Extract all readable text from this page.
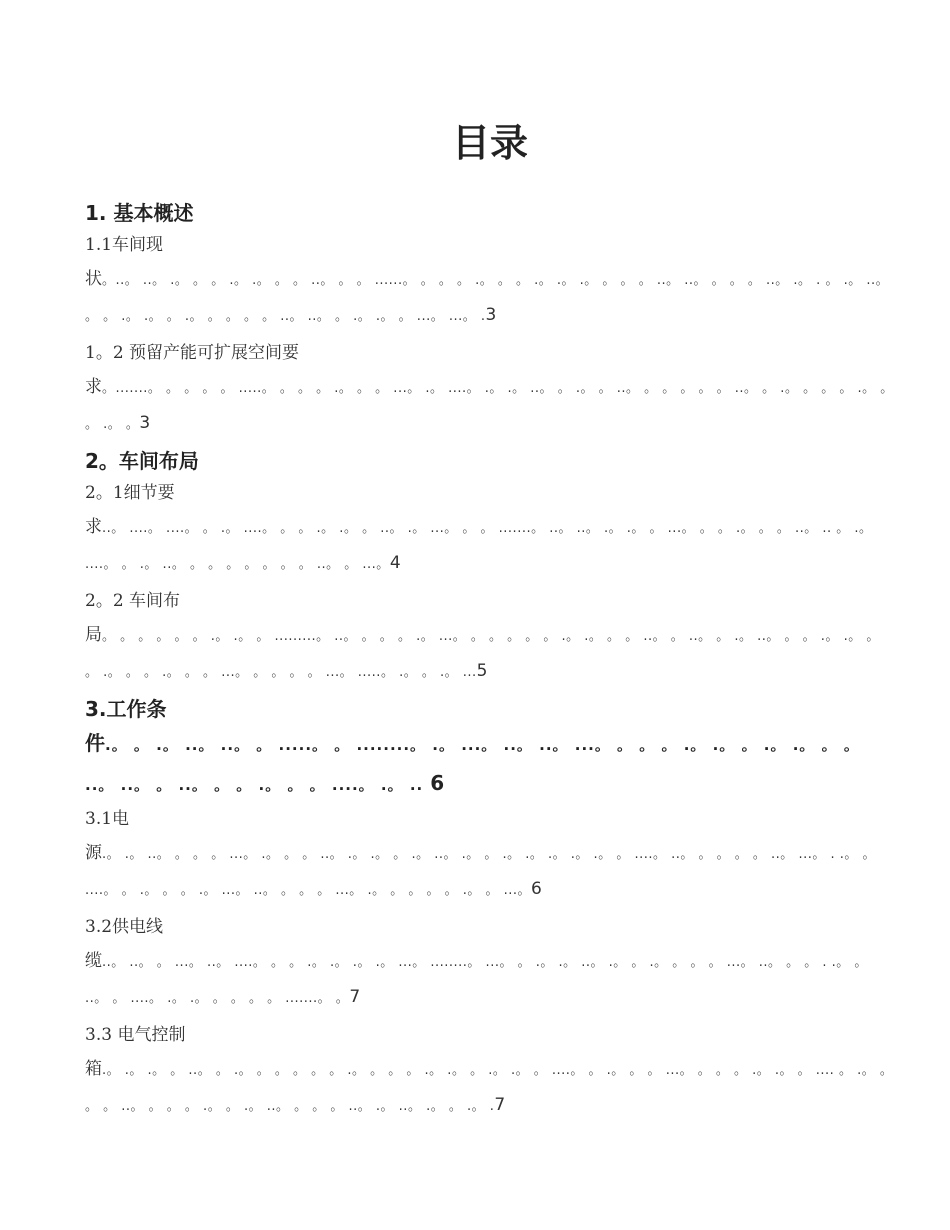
目录
1. 基本概述
1.1车间现
状。..。 ..。 .。 。 。 .。 .。 。 。 ..。 。 。 ......。 。 。 。 .。 。 。 .。 .。 .。 。 。 。 ..。 ..。 。 。 。 ..。 .。 . 。 .。 ..。 。 。 .。 .。 。 .。 。 。 。 。 ..。 ..。 。 .。 .。 。 ...。 ...。 .3
1。2 预留产能可扩展空间要
求。.......。 。 。 。 。 .....。 。 。 。 .。 。 。 ...。 .。 ....。 .。 .。 ..。 。 .。 。 ..。 。 。 。 。 。 ..。 。 .。 。 。 。 .。 。 。 .。 。3
2。车间布局
2。1细节要
求..。 ....。 ....。 。 .。 ....。 。 。 .。 .。 。 ..。 .。 ...。 。 。 .......。 ..。 ..。 .。 .。 。 ...。 。 。 .。 。 。 ..。 .. 。 .。 ....。 。 .。 ..。 。 。 。 。 。 。 。 ..。 。 ...。4
2。2 车间布
局。 。 。 。 。 。 .。 .。 。 .........。 ..。 。 。 。 .。 ...。 。 。 。 。 。 .。 .。 。 。 ..。 。 ..。 。 .。 ..。 。 。 .。 .。 。 。 .。 。 。 .。 。 。 ...。 。 。 。 。 ...。 .....。 .。 。 .。 ...5
3.工作条
件.。 。 .。 ..。 ..。 。 .....。 。 ........。 .。 ...。 ..。 ..。 ...。 。 。 。 .。 .。 。 .。 .。 。 。 ..。 ..。 。 ..。 。 。 .。 。 。 ....。 .。 .. 6
3.1电
源.。 .。 ..。 。 。 。 ...。 .。 。 。 ..。 .。 .。 。 .。 ..。 .。 。 .。 .。 .。 .。 .。 。 ....。 ..。 。 。 。 。 ..。 ...。 . .。 。 ....。 。 .。 。 。 .。 ...。 ..。 。 。 。 ...。 .。 。 。 。 。 .。 。 ...。6
3.2供电线
缆..。 ..。 。 ...。 ..。 ....。 。 。 .。 .。 .。 .。 ...。 ........。 ...。 。 .。 .。 ..。 .。 。 .。 。 。 。 ...。 ..。 。 。 . .。 。 ..。 。 ....。 .。 .。 。 。 。 。 .......。 。7
3.3 电气控制
箱.。 .。 .。 。 ..。 。 .。 。 。 。 。 。 .。 。 。 。 .。 .。 。 .。 .。 。 ....。 。 .。 。 。 ...。 。 。 。 .。 .。 。 .... 。 .。 。 。 。 ..。 。 。 。 .。 。 .。 ..。 。 。 。 ..。 .。 ..。 .。 。 .。 .7
